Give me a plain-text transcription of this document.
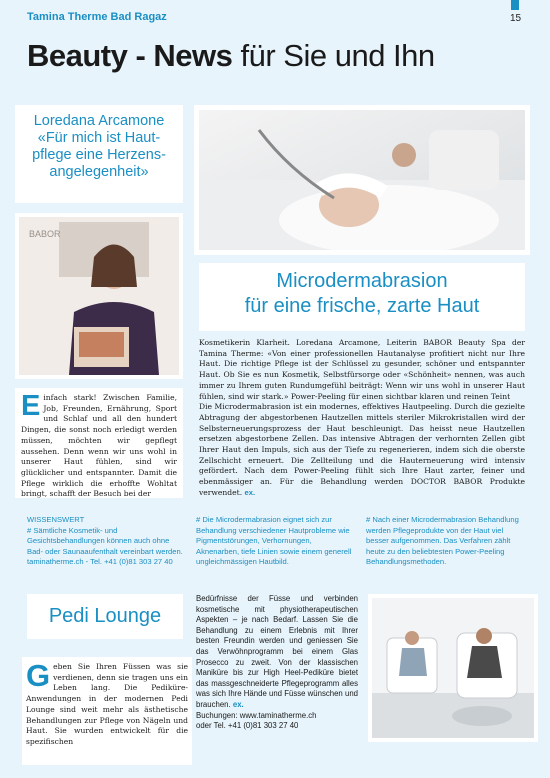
Tamina Therme Bad Ragaz	15
Beauty - News für Sie und Ihn
Loredana Arcamone
«Für mich ist Haut-
pflege eine Herzens-
angelegenheit»
BABOR
Microdermabrasion
für eine frische, zarte Haut

Kosmetikerin Klarheit. Loredana Arcamone, Leiterin BABOR Beauty Spa der Tamina Therme: «Von einer professionellen Hautanalyse profitiert nicht nur Ihre Haut. Die richtige Pflege ist der Schlüssel zu gesunder, schöner und entspannter Haut. Ob Sie es nun Kosmetik, Selbstfürsorge oder «Schönheit» nennen, was auch immer zu Ihrem guten Rundumgefühl beiträgt: Wenn wir uns wohl in unserer Haut fühlen, sind wir stark.» Power-Peeling für einen sichtbar klaren und reinen Teint

Die Microdermabrasion ist ein modernes, effektives Hautpeeling. Durch die gezielte Abtragung der abgestorbenen Hautzellen mittels steriler Mikrokristallen wird der Selbsterneuerungsprozess der Haut beschleunigt. Das heisst neue Hautzellen ersetzen abgestorbene Zellen. Das intensive Abtragen der verhornten Zellen gibt Ihrer Haut den Impuls, sich aus der Tiefe zu regenerieren, indem sich die oberste Zellschicht erneuert. Die Zellteilung und die Hauterneuerung wird intensiv gefördert. Nach dem Power-Peeling fühlt sich Ihre Haut zarter, feiner und ebenmässiger an. Für die Behandlung werden DOCTOR BABOR Produkte verwendet. ex.

Einfach stark! Zwischen Familie, Job, Freunden, Ernährung, Sport und Schlaf und all den hundert Dingen, die sonst noch erledigt werden müssen, möchten wir gepflegt aussehen. Denn wenn wir uns wohl in unserer Haut fühlen, sind wir glücklicher und entspannter. Damit die Pflege wirklich die erhoffte Wohltat bringt, schafft der Besuch bei der
WISSENSWERT
# Sämtliche Kosmetik- und Gesichtsbehandlungen können auch ohne Bad- oder Saunaaufenthalt vereinbart werden. taminatherme.ch - Tel. +41 (0)81 303 27 40
# Die Microdermabrasion eignet sich zur Behandlung verschiedener Hautprobleme wie Pigmentstörungen, Verhornungen, Aknenarben, tiefe Linien sowie einem generell ungleichmässigen Hautbild.
# Nach einer Microdermabrasion Behandlung werden Pflegeprodukte von der Haut viel besser aufgenommen. Das Verfahren zählt heute zu den beliebtesten Power-Peeling Behandlungsmethoden.
Pedi Lounge
Geben Sie Ihren Füssen was sie verdienen, denn sie tragen uns ein Leben lang. Die Pediküre-Anwendungen in der modernen Pedi Lounge sind weit mehr als ästhetische Behandlungen zur Pflege von Nägeln und Haut. Sie wurden entwickelt für die spezifischen
Bedürfnisse der Füsse und verbinden kosmetische mit physiotherapeutischen Aspekten – je nach Bedarf. Lassen Sie die Behandlung zu einem Erlebnis mit Ihrer besten Freundin werden und geniessen Sie das Verwöhnprogramm bei einem Glas Prosecco zu zweit. Von der klassischen Maniküre bis zur High Heel-Pediküre bietet das massgeschneiderte Pflegeprogramm alles was sich Ihre Hände und Füsse wünschen und brauchen. ex.
Buchungen: www.taminatherme.ch
oder Tel. +41 (0)81 303 27 40
